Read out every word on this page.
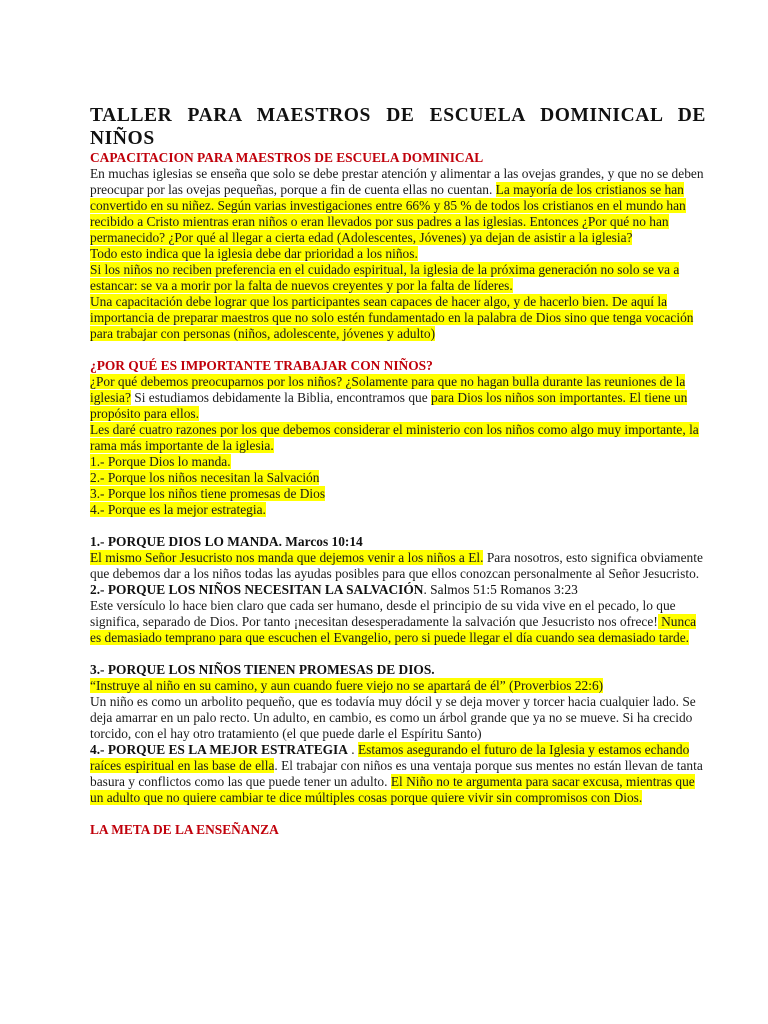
TALLER PARA MAESTROS DE ESCUELA DOMINICAL DE NIÑOS
CAPACITACION PARA MAESTROS DE ESCUELA DOMINICAL

En muchas iglesias se enseña que solo se debe prestar atención y alimentar a las ovejas grandes, y que no se deben preocupar por las ovejas pequeñas, porque a fin de cuenta ellas no cuentan. La mayoría de los cristianos se han convertido en su niñez. Según varias investigaciones entre 66% y 85 % de todos los cristianos en el mundo han recibido a Cristo mientras eran niños o eran llevados por sus padres a las iglesias. Entonces ¿Por qué no han permanecido? ¿Por qué al llegar a cierta edad (Adolescentes, Jóvenes) ya dejan de asistir a la iglesia?

Todo esto indica que la iglesia debe dar prioridad a los niños.

Si los niños no reciben preferencia en el cuidado espiritual, la iglesia de la próxima generación no solo se va a estancar: se va a morir por la falta de nuevos creyentes y por la falta de líderes.

Una capacitación debe lograr que los participantes sean capaces de hacer algo, y de hacerlo bien. De aquí la importancia de preparar maestros que no solo estén fundamentado en la palabra de Dios sino que tenga vocación para trabajar con personas (niños, adolescente, jóvenes y adulto)

¿POR QUÉ ES IMPORTANTE TRABAJAR CON NIÑOS?

¿Por qué debemos preocuparnos por los niños? ¿Solamente para que no hagan bulla durante las reuniones de la iglesia? Si estudiamos debidamente la Biblia, encontramos que para Dios los niños son importantes. El tiene un propósito para ellos.

Les daré cuatro razones por los que debemos considerar el ministerio con los niños como algo muy importante, la rama más importante de la iglesia.

1.- Porque Dios lo manda.

2.- Porque los niños necesitan la Salvación

3.- Porque los niños tiene promesas de Dios

4.- Porque es la mejor estrategia.

1.- PORQUE DIOS LO MANDA. Marcos 10:14

El mismo Señor Jesucristo nos manda que dejemos venir a los niños a El. Para nosotros, esto significa obviamente que debemos dar a los niños todas las ayudas posibles para que ellos conozcan personalmente al Señor Jesucristo.

2.- PORQUE LOS NIÑOS NECESITAN LA SALVACIÓN. Salmos 51:5 Romanos 3:23

Este versículo lo hace bien claro que cada ser humano, desde el principio de su vida vive en el pecado, lo que significa, separado de Dios. Por tanto ¡necesitan desesperadamente la salvación que Jesucristo nos ofrece! Nunca es demasiado temprano para que escuchen el Evangelio, pero si puede llegar el día cuando sea demasiado tarde.

3.- PORQUE LOS NIÑOS TIENEN PROMESAS DE DIOS.

“Instruye al niño en su camino, y aun cuando fuere viejo no se apartará de él” (Proverbios 22:6)

Un niño es como un arbolito pequeño, que es todavía muy dócil y se deja mover y torcer hacia cualquier lado. Se deja amarrar en un palo recto. Un adulto, en cambio, es como un árbol grande que ya no se mueve. Si ha crecido torcido, con el hay otro tratamiento (el que puede darle el Espíritu Santo)

4.- PORQUE ES LA MEJOR ESTRATEGIA . Estamos asegurando el futuro de la Iglesia y estamos echando raíces espiritual en las base de ella. El trabajar con niños es una ventaja porque sus mentes no están llevan de tanta basura y conflictos como las que puede tener un adulto. El Niño no te argumenta para sacar excusa, mientras que un adulto que no quiere cambiar te dice múltiples cosas porque quiere vivir sin compromisos con Dios.

LA META DE LA ENSEÑANZA
